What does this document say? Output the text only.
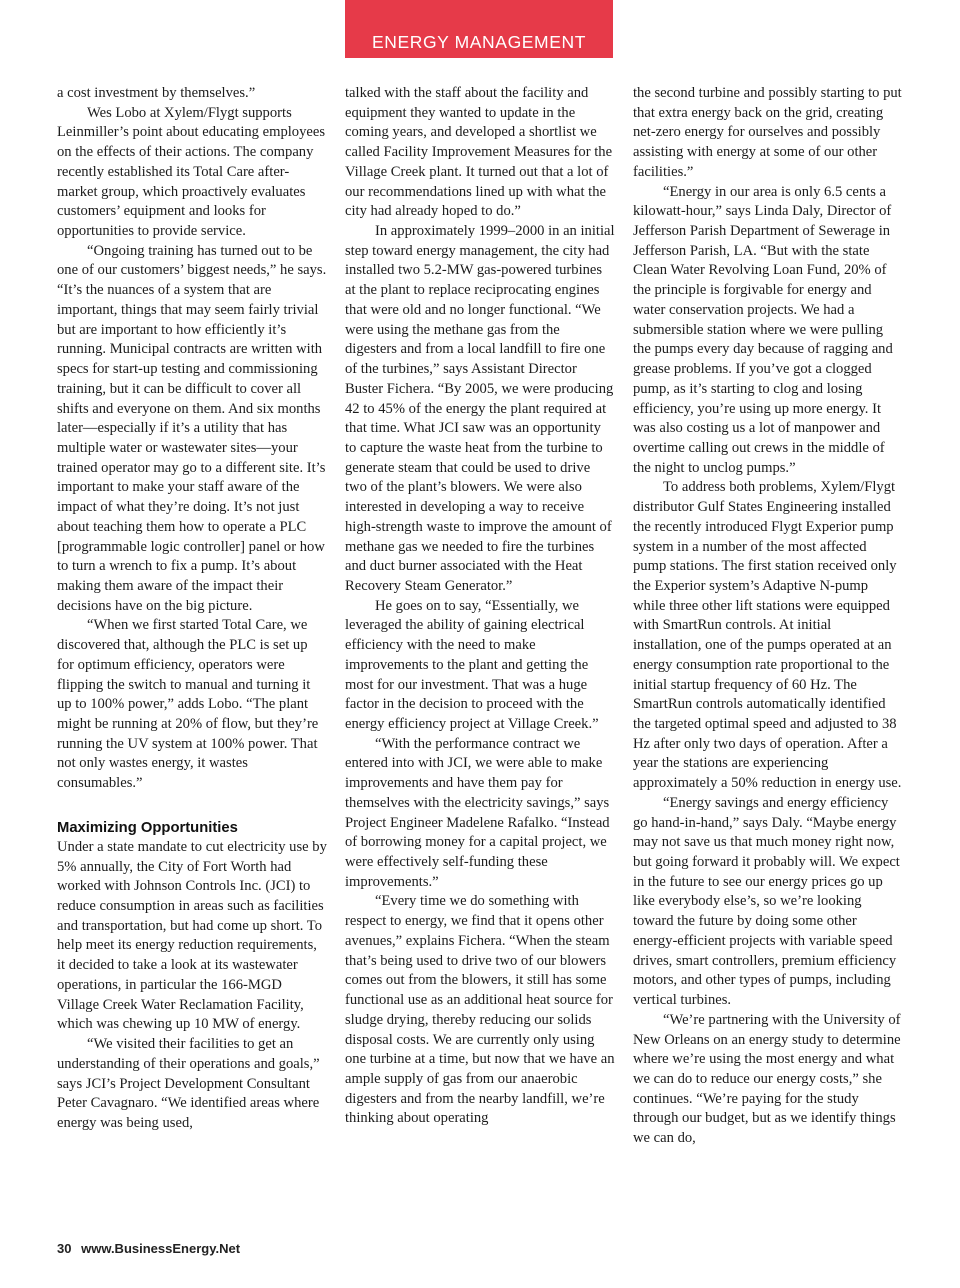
ENERGY MANAGEMENT

a cost investment by themselves.”

Wes Lobo at Xylem/Flygt supports Leinmiller’s point about educating employees on the effects of their actions. The company recently established its Total Care after-market group, which proactively evaluates customers’ equipment and looks for opportunities to provide service.

“Ongoing training has turned out to be one of our customers’ biggest needs,” he says. “It’s the nuances of a system that are important, things that may seem fairly trivial but are important to how efficiently it’s running. Municipal contracts are written with specs for start-up testing and commissioning training, but it can be difficult to cover all shifts and everyone on them. And six months later—especially if it’s a utility that has multiple water or wastewater sites—your trained operator may go to a different site. It’s important to make your staff aware of the impact of what they’re doing. It’s not just about teaching them how to operate a PLC [programmable logic controller] panel or how to turn a wrench to fix a pump. It’s about making them aware of the impact their decisions have on the big picture.

“When we first started Total Care, we discovered that, although the PLC is set up for optimum efficiency, operators were flipping the switch to manual and turning it up to 100% power,” adds Lobo. “The plant might be running at 20% of flow, but they’re running the UV system at 100% power. That not only wastes energy, it wastes consumables.”

Maximizing Opportunities

Under a state mandate to cut electricity use by 5% annually, the City of Fort Worth had worked with Johnson Controls Inc. (JCI) to reduce consumption in areas such as facilities and transportation, but had come up short. To help meet its energy reduction requirements, it decided to take a look at its wastewater operations, in particular the 166-MGD Village Creek Water Reclamation Facility, which was chewing up 10 MW of energy.

“We visited their facilities to get an understanding of their operations and goals,” says JCI’s Project Development Consultant Peter Cavagnaro. “We identified areas where energy was being used,

talked with the staff about the facility and equipment they wanted to update in the coming years, and developed a shortlist we called Facility Improvement Measures for the Village Creek plant. It turned out that a lot of our recommendations lined up with what the city had already hoped to do.”

In approximately 1999–2000 in an initial step toward energy management, the city had installed two 5.2-MW gas-powered turbines at the plant to replace reciprocating engines that were old and no longer functional. “We were using the methane gas from the digesters and from a local landfill to fire one of the turbines,” says Assistant Director Buster Fichera. “By 2005, we were producing 42 to 45% of the energy the plant required at that time. What JCI saw was an opportunity to capture the waste heat from the turbine to generate steam that could be used to drive two of the plant’s blowers. We were also interested in developing a way to receive high-strength waste to improve the amount of methane gas we needed to fire the turbines and duct burner associated with the Heat Recovery Steam Generator.”

He goes on to say, “Essentially, we leveraged the ability of gaining electrical efficiency with the need to make improvements to the plant and getting the most for our investment. That was a huge factor in the decision to proceed with the energy efficiency project at Village Creek.”

“With the performance contract we entered into with JCI, we were able to make improvements and have them pay for themselves with the electricity savings,” says Project Engineer Madelene Rafalko. “Instead of borrowing money for a capital project, we were effectively self-funding these improvements.”

“Every time we do something with respect to energy, we find that it opens other avenues,” explains Fichera. “When the steam that’s being used to drive two of our blowers comes out from the blowers, it still has some functional use as an additional heat source for sludge drying, thereby reducing our solids disposal costs. We are currently only using one turbine at a time, but now that we have an ample supply of gas from our anaerobic digesters and from the nearby landfill, we’re thinking about operating

the second turbine and possibly starting to put that extra energy back on the grid, creating net-zero energy for ourselves and possibly assisting with energy at some of our other facilities.”

“Energy in our area is only 6.5 cents a kilowatt-hour,” says Linda Daly, Director of Jefferson Parish Department of Sewerage in Jefferson Parish, LA. “But with the state Clean Water Revolving Loan Fund, 20% of the principle is forgivable for energy and water conservation projects. We had a submersible station where we were pulling the pumps every day because of ragging and grease problems. If you’ve got a clogged pump, as it’s starting to clog and losing efficiency, you’re using up more energy. It was also costing us a lot of manpower and overtime calling out crews in the middle of the night to unclog pumps.”

To address both problems, Xylem/Flygt distributor Gulf States Engineering installed the recently introduced Flygt Experior pump system in a number of the most affected pump stations. The first station received only the Experior system’s Adaptive N-pump while three other lift stations were equipped with SmartRun controls. At initial installation, one of the pumps operated at an energy consumption rate proportional to the initial startup frequency of 60 Hz. The SmartRun controls automatically identified the targeted optimal speed and adjusted to 38 Hz after only two days of operation. After a year the stations are experiencing approximately a 50% reduction in energy use.

“Energy savings and energy efficiency go hand-in-hand,” says Daly. “Maybe energy may not save us that much money right now, but going forward it probably will. We expect in the future to see our energy prices go up like everybody else’s, so we’re looking toward the future by doing some other energy-efficient projects with variable speed drives, smart controllers, premium efficiency motors, and other types of pumps, including vertical turbines.

“We’re partnering with the University of New Orleans on an energy study to determine where we’re using the most energy and what we can do to reduce our energy costs,” she continues. “We’re paying for the study through our budget, but as we identify things we can do,

30 www.BusinessEnergy.Net
